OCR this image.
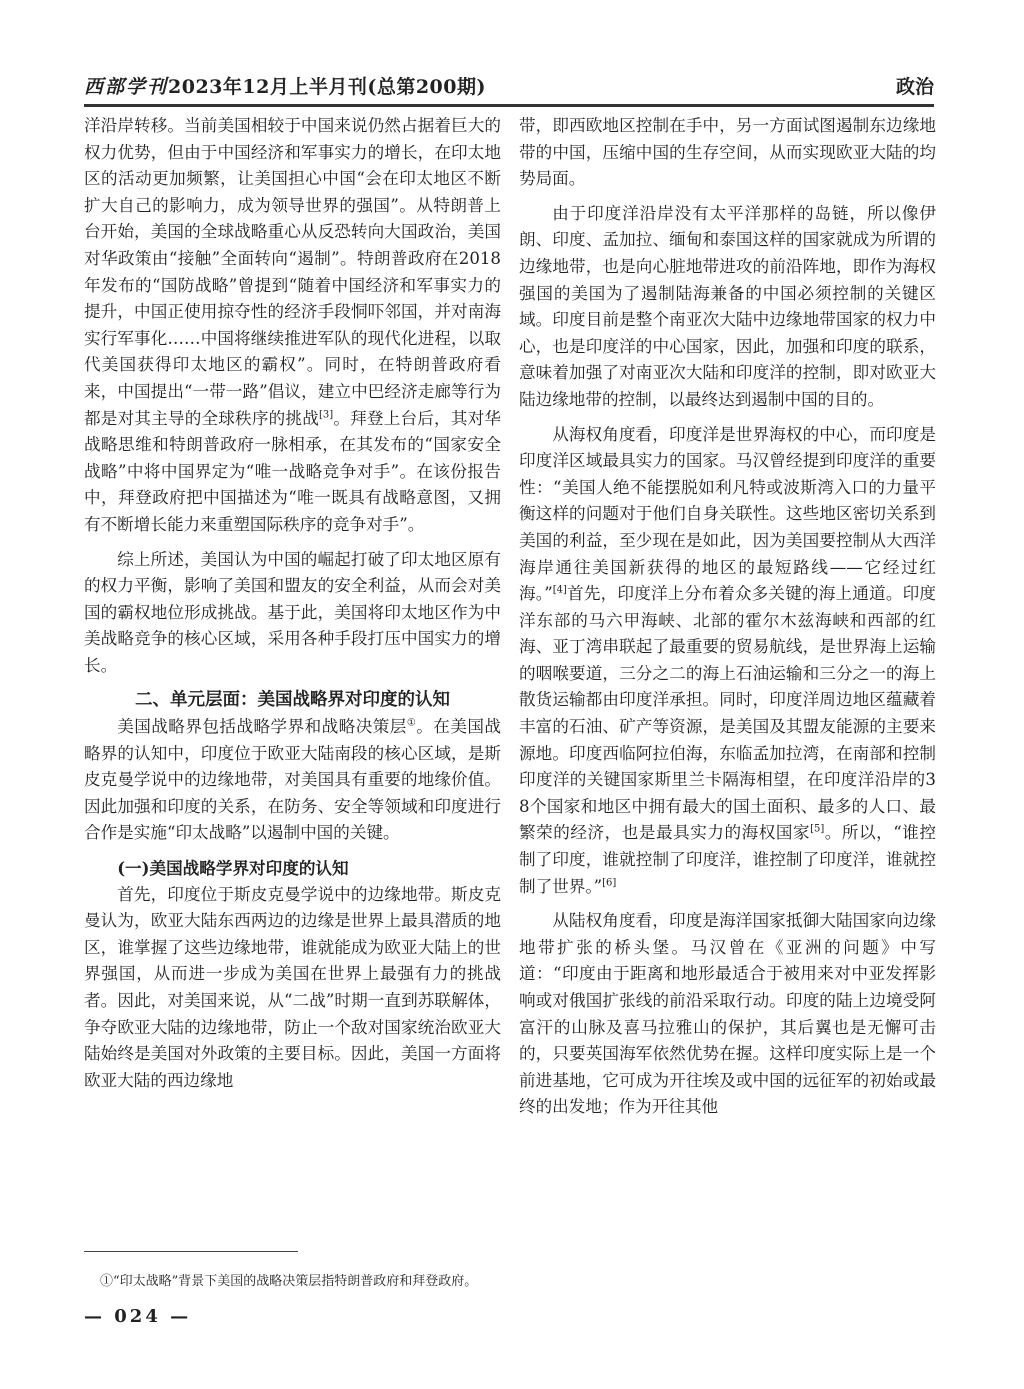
西部学刊2023年12月上半月刊(总第200期)	政治

洋沿岸转移。当前美国相较于中国来说仍然占据着巨大的权力优势，但由于中国经济和军事实力的增长，在印太地区的活动更加频繁，让美国担心中国“会在印太地区不断扩大自己的影响力，成为领导世界的强国”。从特朗普上台开始，美国的全球战略重心从反恐转向大国政治，美国对华政策由“接触”全面转向“遏制”。特朗普政府在2018年发布的“国防战略”曾提到“随着中国经济和军事实力的提升，中国正使用掠夺性的经济手段恫吓邻国，并对南海实行军事化……中国将继续推进军队的现代化进程，以取代美国获得印太地区的霸权”。同时，在特朗普政府看来，中国提出“一带一路”倡议，建立中巴经济走廊等行为都是对其主导的全球秩序的挑战[3]。拜登上台后，其对华战略思维和特朗普政府一脉相承，在其发布的“国家安全战略”中将中国界定为“唯一战略竞争对手”。在该份报告中，拜登政府把中国描述为“唯一既具有战略意图，又拥有不断增长能力来重塑国际秩序的竞争对手”。

综上所述，美国认为中国的崛起打破了印太地区原有的权力平衡，影响了美国和盟友的安全利益，从而会对美国的霸权地位形成挑战。基于此，美国将印太地区作为中美战略竞争的核心区域，采用各种手段打压中国实力的增长。

二、单元层面：美国战略界对印度的认知

美国战略界包括战略学界和战略决策层①。在美国战略界的认知中，印度位于欧亚大陆南段的核心区域，是斯皮克曼学说中的边缘地带，对美国具有重要的地缘价值。因此加强和印度的关系，在防务、安全等领域和印度进行合作是实施“印太战略”以遏制中国的关键。

(一)美国战略学界对印度的认知

首先，印度位于斯皮克曼学说中的边缘地带。斯皮克曼认为，欧亚大陆东西两边的边缘是世界上最具潜质的地区，谁掌握了这些边缘地带，谁就能成为欧亚大陆上的世界强国，从而进一步成为美国在世界上最强有力的挑战者。因此，对美国来说，从“二战”时期一直到苏联解体，争夺欧亚大陆的边缘地带，防止一个敌对国家统治欧亚大陆始终是美国对外政策的主要目标。因此，美国一方面将欧亚大陆的西边缘地

带，即西欧地区控制在手中，另一方面试图遏制东边缘地带的中国，压缩中国的生存空间，从而实现欧亚大陆的均势局面。

由于印度洋沿岸没有太平洋那样的岛链，所以像伊朗、印度、孟加拉、缅甸和泰国这样的国家就成为所谓的边缘地带，也是向心脏地带进攻的前沿阵地，即作为海权强国的美国为了遏制陆海兼备的中国必须控制的关键区域。印度目前是整个南亚次大陆中边缘地带国家的权力中心，也是印度洋的中心国家，因此，加强和印度的联系，意味着加强了对南亚次大陆和印度洋的控制，即对欧亚大陆边缘地带的控制，以最终达到遏制中国的目的。

从海权角度看，印度洋是世界海权的中心，而印度是印度洋区域最具实力的国家。马汉曾经提到印度洋的重要性：“美国人绝不能摆脱如利凡特或波斯湾入口的力量平衡这样的问题对于他们自身关联性。这些地区密切关系到美国的利益，至少现在是如此，因为美国要控制从大西洋海岸通往美国新获得的地区的最短路线——它经过红海。”[4]首先，印度洋上分布着众多关键的海上通道。印度洋东部的马六甲海峡、北部的霍尔木兹海峡和西部的红海、亚丁湾串联起了最重要的贸易航线，是世界海上运输的咽喉要道，三分之二的海上石油运输和三分之一的海上散货运输都由印度洋承担。同时，印度洋周边地区蕴藏着丰富的石油、矿产等资源，是美国及其盟友能源的主要来源地。印度西临阿拉伯海，东临孟加拉湾，在南部和控制印度洋的关键国家斯里兰卡隔海相望，在印度洋沿岸的38个国家和地区中拥有最大的国土面积、最多的人口、最繁荣的经济，也是最具实力的海权国家[5]。所以，“谁控制了印度，谁就控制了印度洋，谁控制了印度洋，谁就控制了世界。”[6]

从陆权角度看，印度是海洋国家抵御大陆国家向边缘地带扩张的桥头堡。马汉曾在《亚洲的问题》中写道：“印度由于距离和地形最适合于被用来对中亚发挥影响或对俄国扩张线的前沿采取行动。印度的陆上边境受阿富汗的山脉及喜马拉雅山的保护，其后翼也是无懈可击的，只要英国海军依然优势在握。这样印度实际上是一个前进基地，它可成为开往埃及或中国的远征军的初始或最终的出发地；作为开往其他

①“印太战略”背景下美国的战略决策层指特朗普政府和拜登政府。
— 024 —
